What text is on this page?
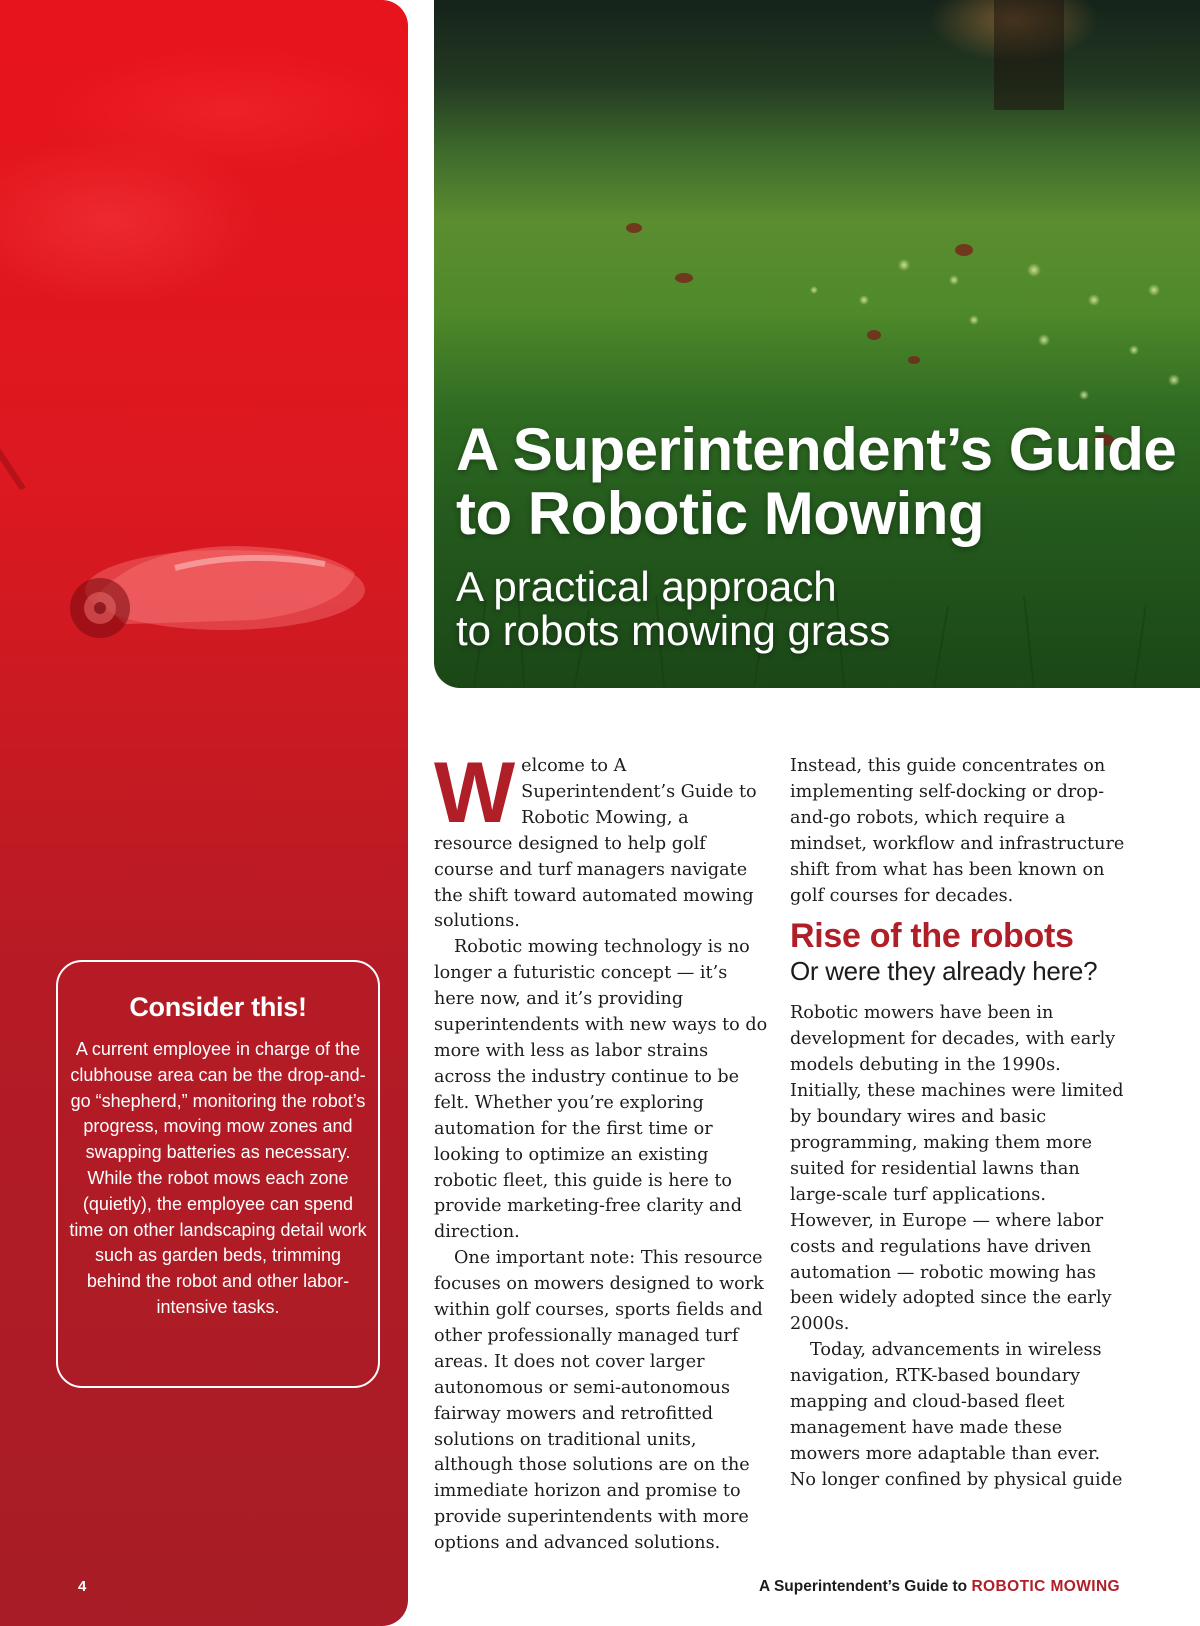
Consider this!

A current employee in charge of the clubhouse area can be the drop-and-go “shepherd,” monitoring the robot’s progress, moving mow zones and swapping batteries as necessary. While the robot mows each zone (quietly), the employee can spend time on other landscaping detail work such as garden beds, trimming behind the robot and other labor-intensive tasks.

4
A Superintendent’s Guide
to Robotic Mowing
A practical approach
to robots mowing grass

Welcome to A Superintendent’s Guide to Robotic Mowing, a resource designed to help golf course and turf managers navigate the shift toward automated mowing solutions.

Robotic mowing technology is no longer a futuristic concept — it’s here now, and it’s providing superintendents with new ways to do more with less as labor strains across the industry continue to be felt. Whether you’re exploring automation for the first time or looking to optimize an existing robotic fleet, this guide is here to provide marketing-free clarity and direction.

One important note: This resource focuses on mowers designed to work within golf courses, sports fields and other professionally managed turf areas. It does not cover larger autonomous or semi-autonomous fairway mowers and retrofitted solutions on traditional units, although those solutions are on the immediate horizon and promise to provide superintendents with more options and advanced solutions.

Instead, this guide concentrates on implementing self-docking or drop-and-go robots, which require a mindset, workflow and infrastructure shift from what has been known on golf courses for decades.

Rise of the robots
Or were they already here?

Robotic mowers have been in development for decades, with early models debuting in the 1990s. Initially, these machines were limited by boundary wires and basic programming, making them more suited for residential lawns than large-scale turf applications. However, in Europe — where labor costs and regulations have driven automation — robotic mowing has been widely adopted since the early 2000s.

Today, advancements in wireless navigation, RTK-based boundary mapping and cloud-based fleet management have made these mowers more adaptable than ever. No longer confined by physical guide

A Superintendent’s Guide to ROBOTIC MOWING
